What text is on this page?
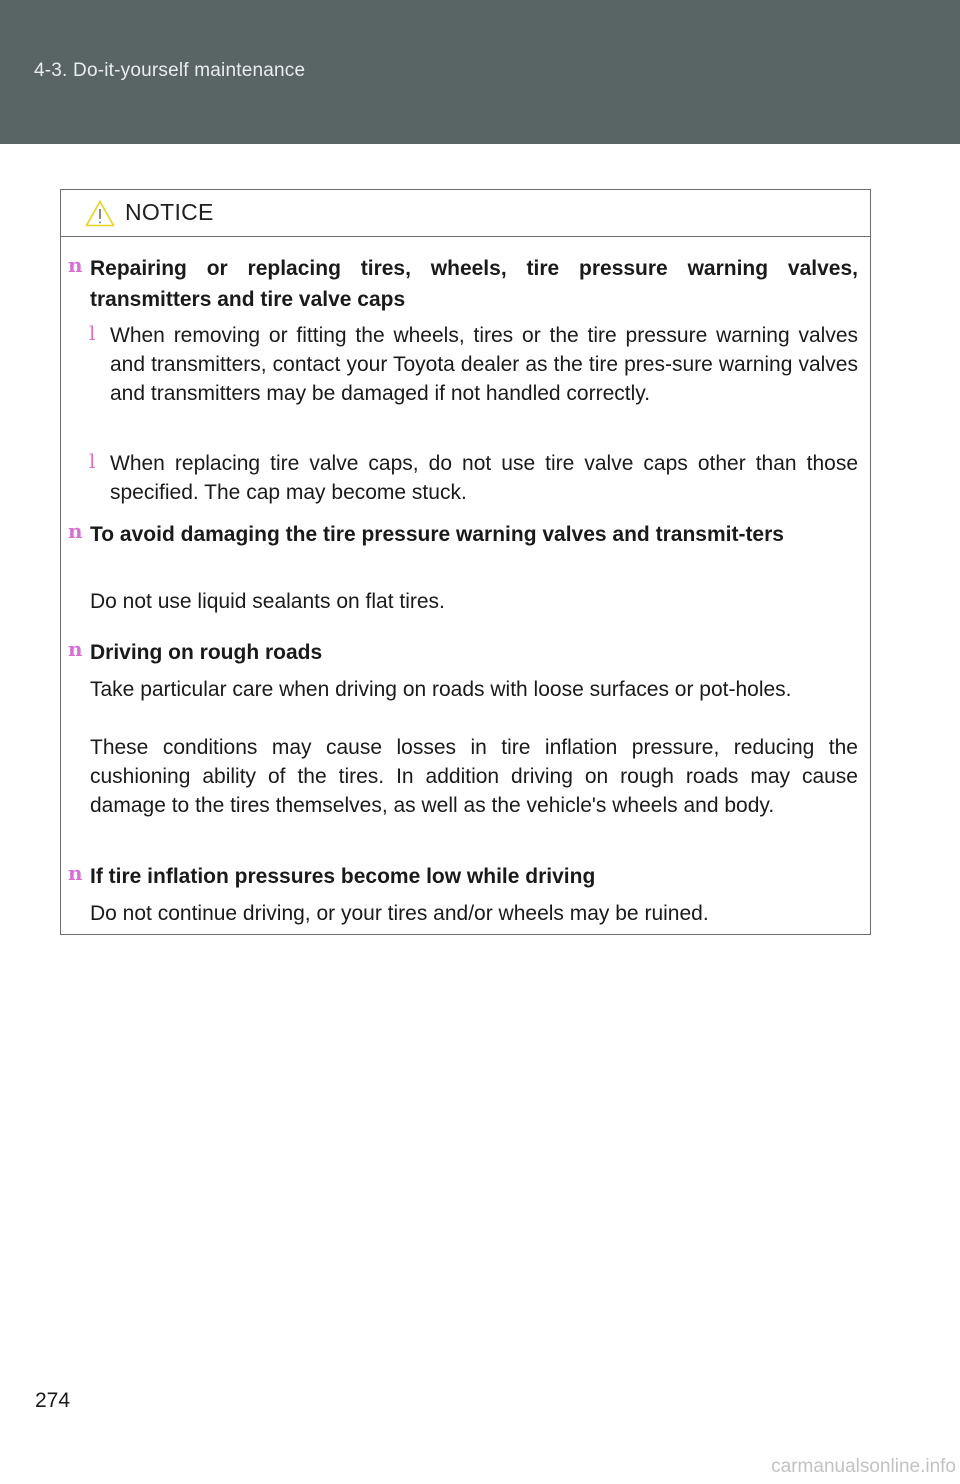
4-3. Do-it-yourself maintenance
NOTICE
n Repairing or replacing tires, wheels, tire pressure warning valves, transmitters and tire valve caps
l When removing or fitting the wheels, tires or the tire pressure warning valves and transmitters, contact your Toyota dealer as the tire pres-sure warning valves and transmitters may be damaged if not handled correctly.
l When replacing tire valve caps, do not use tire valve caps other than those specified. The cap may become stuck.
n To avoid damaging the tire pressure warning valves and transmit-ters
Do not use liquid sealants on flat tires.
n Driving on rough roads
Take particular care when driving on roads with loose surfaces or pot-holes.
These conditions may cause losses in tire inflation pressure, reducing the cushioning ability of the tires. In addition driving on rough roads may cause damage to the tires themselves, as well as the vehicle's wheels and body.
n If tire inflation pressures become low while driving
Do not continue driving, or your tires and/or wheels may be ruined.
274
carmanualsonline.info
